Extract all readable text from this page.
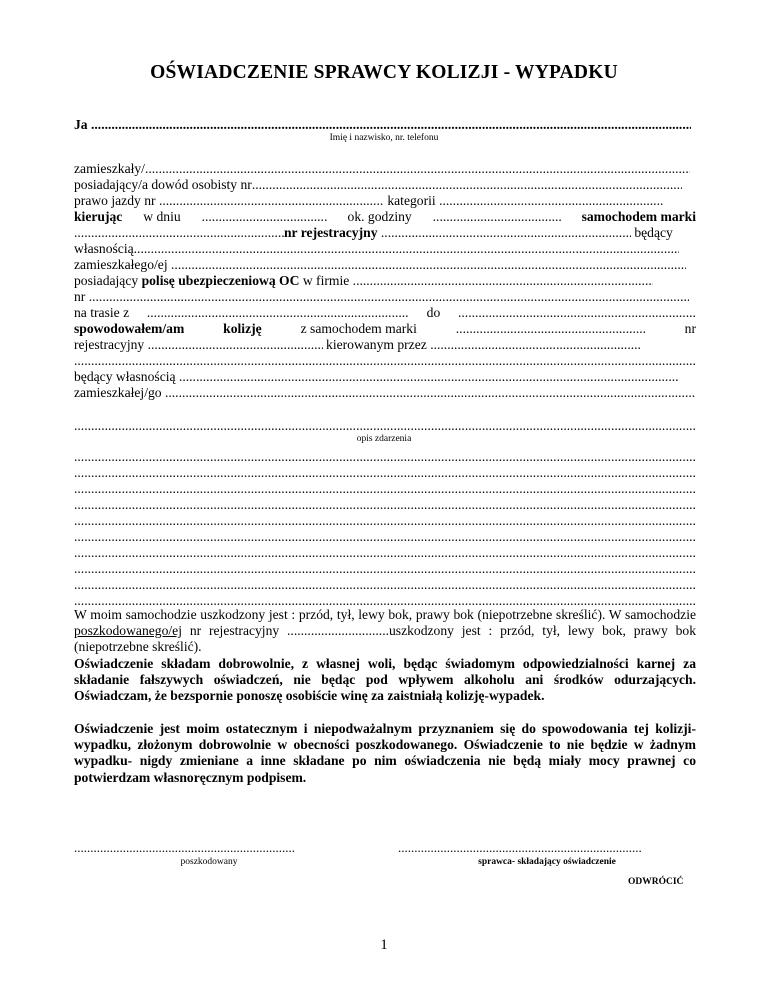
OŚWIADCZENIE SPRAWCY KOLIZJI - WYPADKU
Ja .....
Imię i nazwisko, nr. telefonu
zamieszkały/.....
posiadający/a dowód osobisty nr.....
prawo jazdy nr .....	kategorii .....
kierując w dniu .....	ok. godziny .....	samochodem marki
.....nr rejestracyjny .....	będący
własnością.....
zamieszkałego/ej .....
posiadający polisę ubezpieczeniową OC w firmie .....
nr .....
na trasie z .....	do
.....
spowodowałem/am	kolizję	z samochodem marki .....	nr
rejestracyjny .....	kierowanym przez .....
.....
będący własnością .....
zamieszkałej/go .....
.....
opis zdarzenia
.....
.....
.....
.....
.....
.....
.....
.....
.....
.....
W moim samochodzie uszkodzony jest : przód, tył, lewy bok, prawy bok (niepotrzebne skreślić). W samochodzie poszkodowanego/ej nr rejestracyjny ..............................uszkodzony jest : przód, tył, lewy bok, prawy bok (niepotrzebne skreślić).
Oświadczenie składam dobrowolnie, z własnej woli, będąc świadomym odpowiedzialności karnej za składanie fałszywych oświadczeń, nie będąc pod wpływem alkoholu ani środków odurzających. Oświadczam, że bezspornie ponoszę osobiście winę za zaistniałą kolizję-wypadek.
Oświadczenie jest moim ostatecznym i niepodważalnym przyznaniem się do spowodowania tej kolizji- wypadku, złożonym dobrowolnie w obecności poszkodowanego. Oświadczenie to nie będzie w żadnym wypadku- nigdy zmieniane a inne składane po nim oświadczenia nie będą miały mocy prawnej co potwierdzam własnoręcznym podpisem.
....................................................................
poszkodowany
...........................................................................
sprawca- składający oświadczenie
ODWRÓCIĆ
1
